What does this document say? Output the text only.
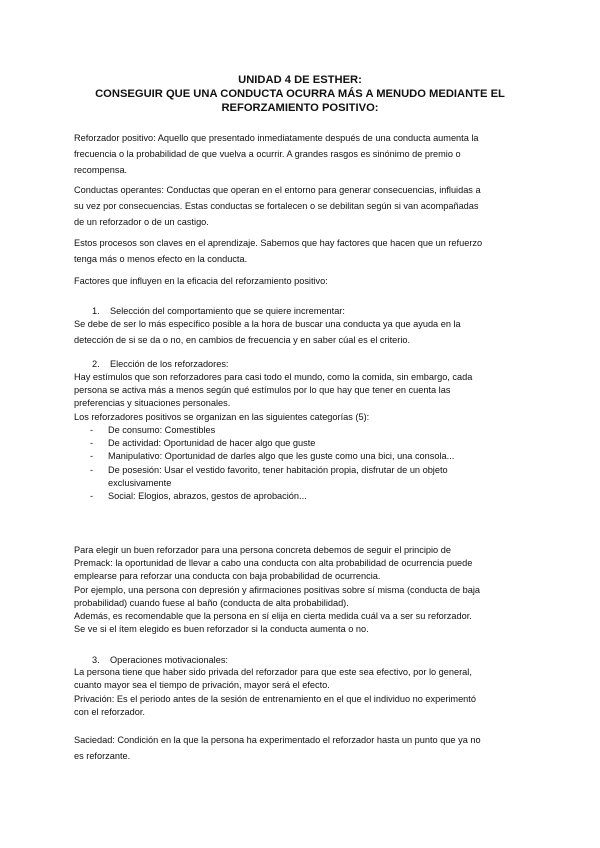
UNIDAD 4 DE ESTHER:
CONSEGUIR QUE UNA CONDUCTA OCURRA MÁS A MENUDO MEDIANTE EL
REFORZAMIENTO POSITIVO:
Reforzador positivo: Aquello que presentado inmediatamente después de una conducta aumenta la
frecuencia o la probabilidad de que vuelva a ocurrir. A grandes rasgos es sinónimo de premio o
recompensa.
Conductas operantes: Conductas que operan en el entorno para generar consecuencias, influidas a
su vez por consecuencias. Estas conductas se fortalecen o se debilitan según si van acompañadas
de un reforzador o de un castigo.
Estos procesos son claves en el aprendizaje. Sabemos que hay factores que hacen que un refuerzo
tenga más o menos efecto en la conducta.
Factores que influyen en la eficacia del reforzamiento positivo:
1. Selección del comportamiento que se quiere incrementar:
Se debe de ser lo más específico posible a la hora de buscar una conducta ya que ayuda en la
detección de si se da o no, en cambios de frecuencia y en saber cúal es el criterio.
2. Elección de los reforzadores:
Hay estímulos que son reforzadores para casi todo el mundo, como la comida, sin embargo, cada
persona se activa más a menos según qué estímulos por lo que hay que tener en cuenta las
preferencias y situaciones personales.
Los reforzadores positivos se organizan en las siguientes categorías (5):
- De consumo: Comestibles
- De actividad: Oportunidad de hacer algo que guste
- Manipulativo: Oportunidad de darles algo que les guste como una bici, una consola...
- De posesión: Usar el vestido favorito, tener habitación propia, disfrutar de un objeto
exclusivamente
- Social: Elogios, abrazos, gestos de aprobación...
Para elegir un buen reforzador para una persona concreta debemos de seguir el principio de
Premack: la oportunidad de llevar a cabo una conducta con alta probabilidad de ocurrencia puede
emplearse para reforzar una conducta con baja probabilidad de ocurrencia.
Por ejemplo, una persona con depresión y afirmaciones positivas sobre sí misma (conducta de baja
probabilidad) cuando fuese al baño (conducta de alta probabilidad).
Además, es recomendable que la persona en sí elija en cierta medida cuál va a ser su reforzador.
Se ve si el ítem elegido es buen reforzador si la conducta aumenta o no.
3. Operaciones motivacionales:
La persona tiene que haber sido privada del reforzador para que este sea efectivo, por lo general,
cuanto mayor sea el tiempo de privación, mayor será el efecto.
Privación: Es el periodo antes de la sesión de entrenamiento en el que el individuo no experimentó
con el reforzador.
Saciedad: Condición en la que la persona ha experimentado el reforzador hasta un punto que ya no
es reforzante.
